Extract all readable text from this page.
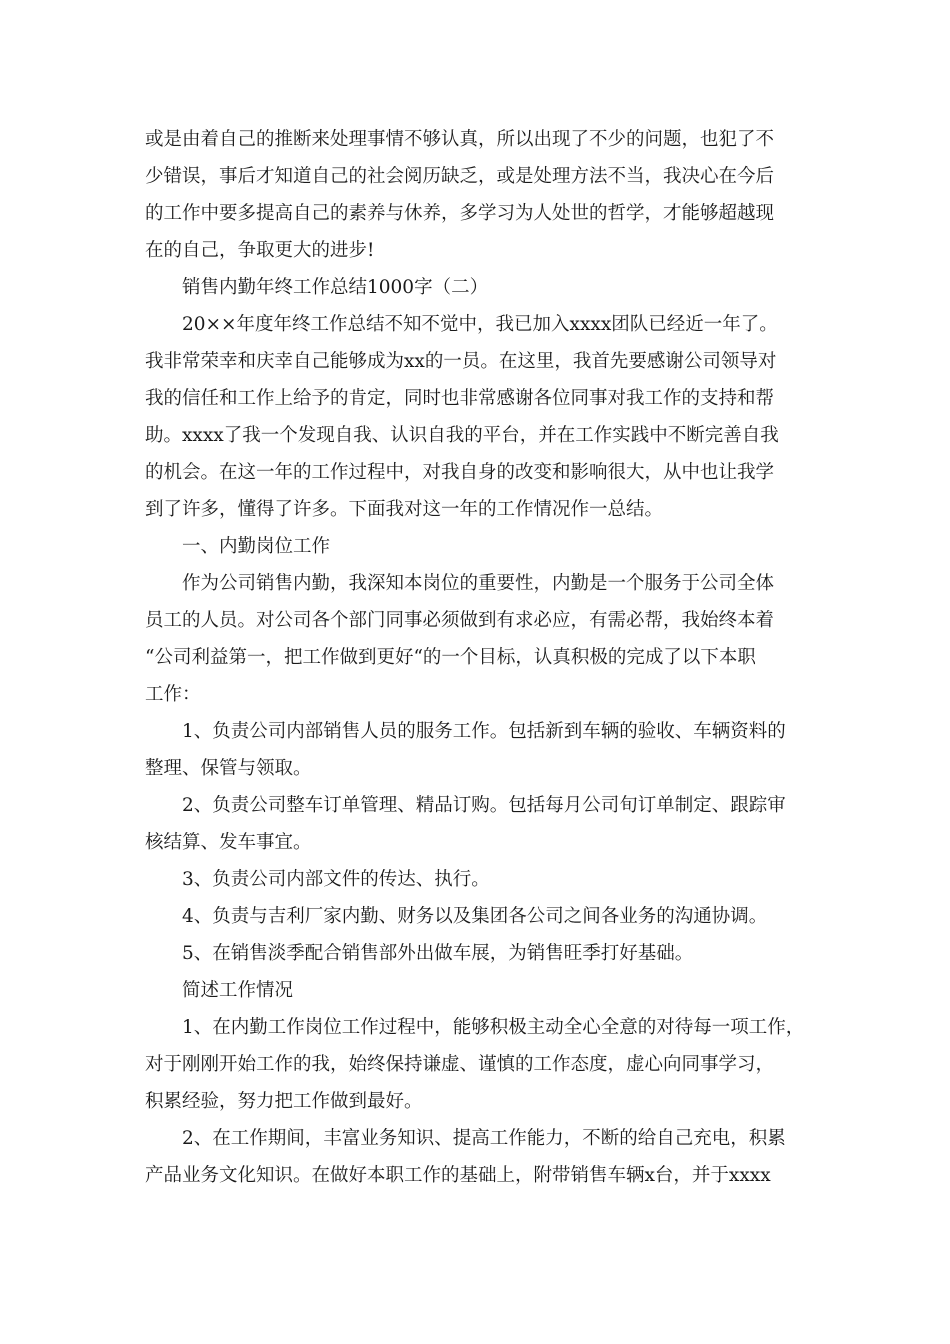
或是由着自己的推断来处理事情不够认真，所以出现了不少的问题，也犯了不
少错误，事后才知道自己的社会阅历缺乏，或是处理方法不当，我决心在今后
的工作中要多提高自己的素养与休养，多学习为人处世的哲学，才能够超越现
在的自己，争取更大的进步!
销售内勤年终工作总结1000字（二）
20××年度年终工作总结不知不觉中，我已加入xxxx团队已经近一年了。
我非常荣幸和庆幸自己能够成为xx的一员。在这里，我首先要感谢公司领导对
我的信任和工作上给予的肯定，同时也非常感谢各位同事对我工作的支持和帮
助。xxxx了我一个发现自我、认识自我的平台，并在工作实践中不断完善自我
的机会。在这一年的工作过程中，对我自身的改变和影响很大，从中也让我学
到了许多，懂得了许多。下面我对这一年的工作情况作一总结。
一、内勤岗位工作
作为公司销售内勤，我深知本岗位的重要性，内勤是一个服务于公司全体
员工的人员。对公司各个部门同事必须做到有求必应，有需必帮，我始终本着
“公司利益第一，把工作做到更好“的一个目标，认真积极的完成了以下本职
工作：
1、负责公司内部销售人员的服务工作。包括新到车辆的验收、车辆资料的
整理、保管与领取。
2、负责公司整车订单管理、精品订购。包括每月公司旬订单制定、跟踪审
核结算、发车事宜。
3、负责公司内部文件的传达、执行。
4、负责与吉利厂家内勤、财务以及集团各公司之间各业务的沟通协调。
5、在销售淡季配合销售部外出做车展，为销售旺季打好基础。
简述工作情况
1、在内勤工作岗位工作过程中，能够积极主动全心全意的对待每一项工作，
对于刚刚开始工作的我，始终保持谦虚、谨慎的工作态度，虚心向同事学习，
积累经验，努力把工作做到最好。
2、在工作期间，丰富业务知识、提高工作能力，不断的给自己充电，积累
产品业务文化知识。在做好本职工作的基础上，附带销售车辆x台，并于xxxx
